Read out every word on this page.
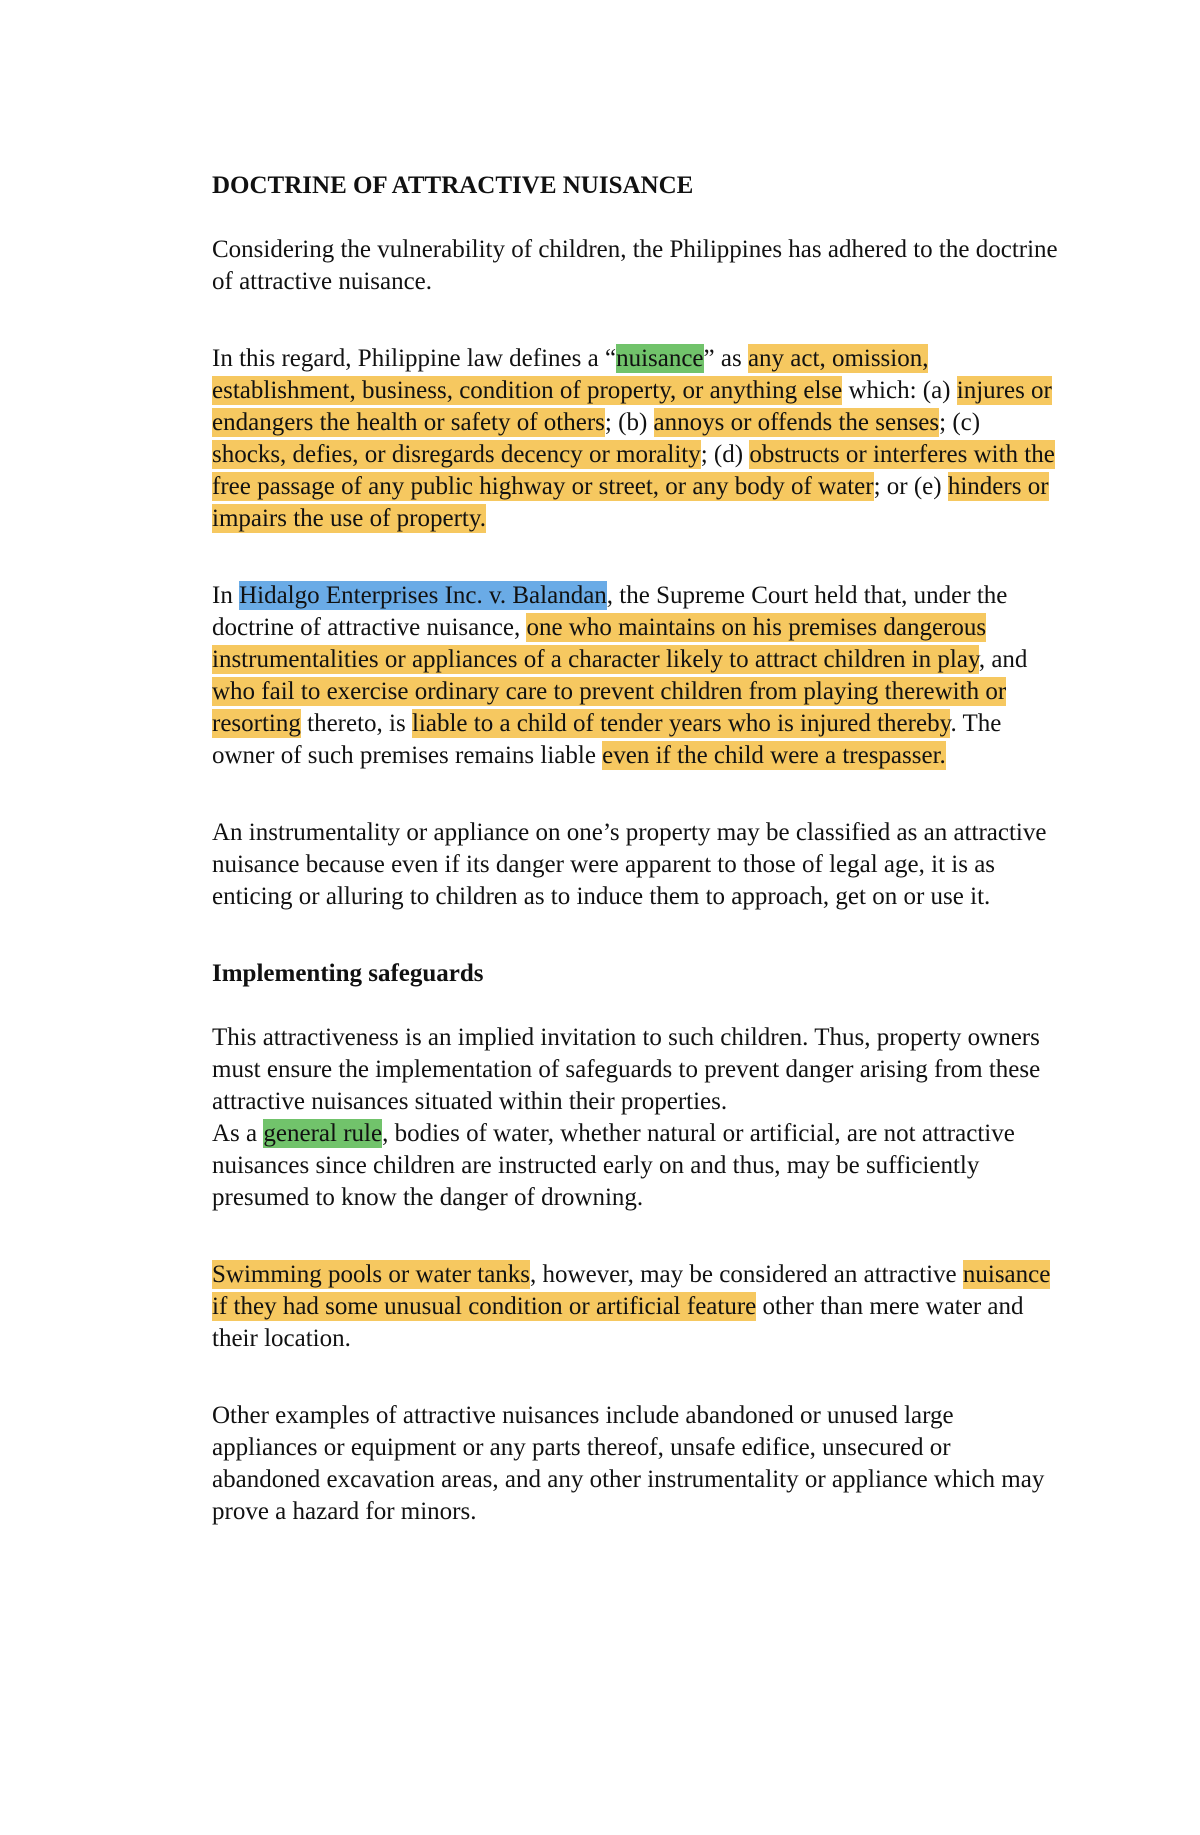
DOCTRINE OF ATTRACTIVE NUISANCE

Considering the vulnerability of children, the Philippines has adhered to the doctrine of attractive nuisance.

In this regard, Philippine law defines a “nuisance” as any act, omission, establishment, business, condition of property, or anything else which: (a) injures or endangers the health or safety of others; (b) annoys or offends the senses; (c) shocks, defies, or disregards decency or morality; (d) obstructs or interferes with the free passage of any public highway or street, or any body of water; or (e) hinders or impairs the use of property.

In Hidalgo Enterprises Inc. v. Balandan, the Supreme Court held that, under the doctrine of attractive nuisance, one who maintains on his premises dangerous instrumentalities or appliances of a character likely to attract children in play, and who fail to exercise ordinary care to prevent children from playing therewith or resorting thereto, is liable to a child of tender years who is injured thereby. The owner of such premises remains liable even if the child were a trespasser.

An instrumentality or appliance on one’s property may be classified as an attractive nuisance because even if its danger were apparent to those of legal age, it is as enticing or alluring to children as to induce them to approach, get on or use it.

Implementing safeguards

This attractiveness is an implied invitation to such children. Thus, property owners must ensure the implementation of safeguards to prevent danger arising from these attractive nuisances situated within their properties.

As a general rule, bodies of water, whether natural or artificial, are not attractive nuisances since children are instructed early on and thus, may be sufficiently presumed to know the danger of drowning.

Swimming pools or water tanks, however, may be considered an attractive nuisance if they had some unusual condition or artificial feature other than mere water and their location.

Other examples of attractive nuisances include abandoned or unused large appliances or equipment or any parts thereof, unsafe edifice, unsecured or abandoned excavation areas, and any other instrumentality or appliance which may prove a hazard for minors.
